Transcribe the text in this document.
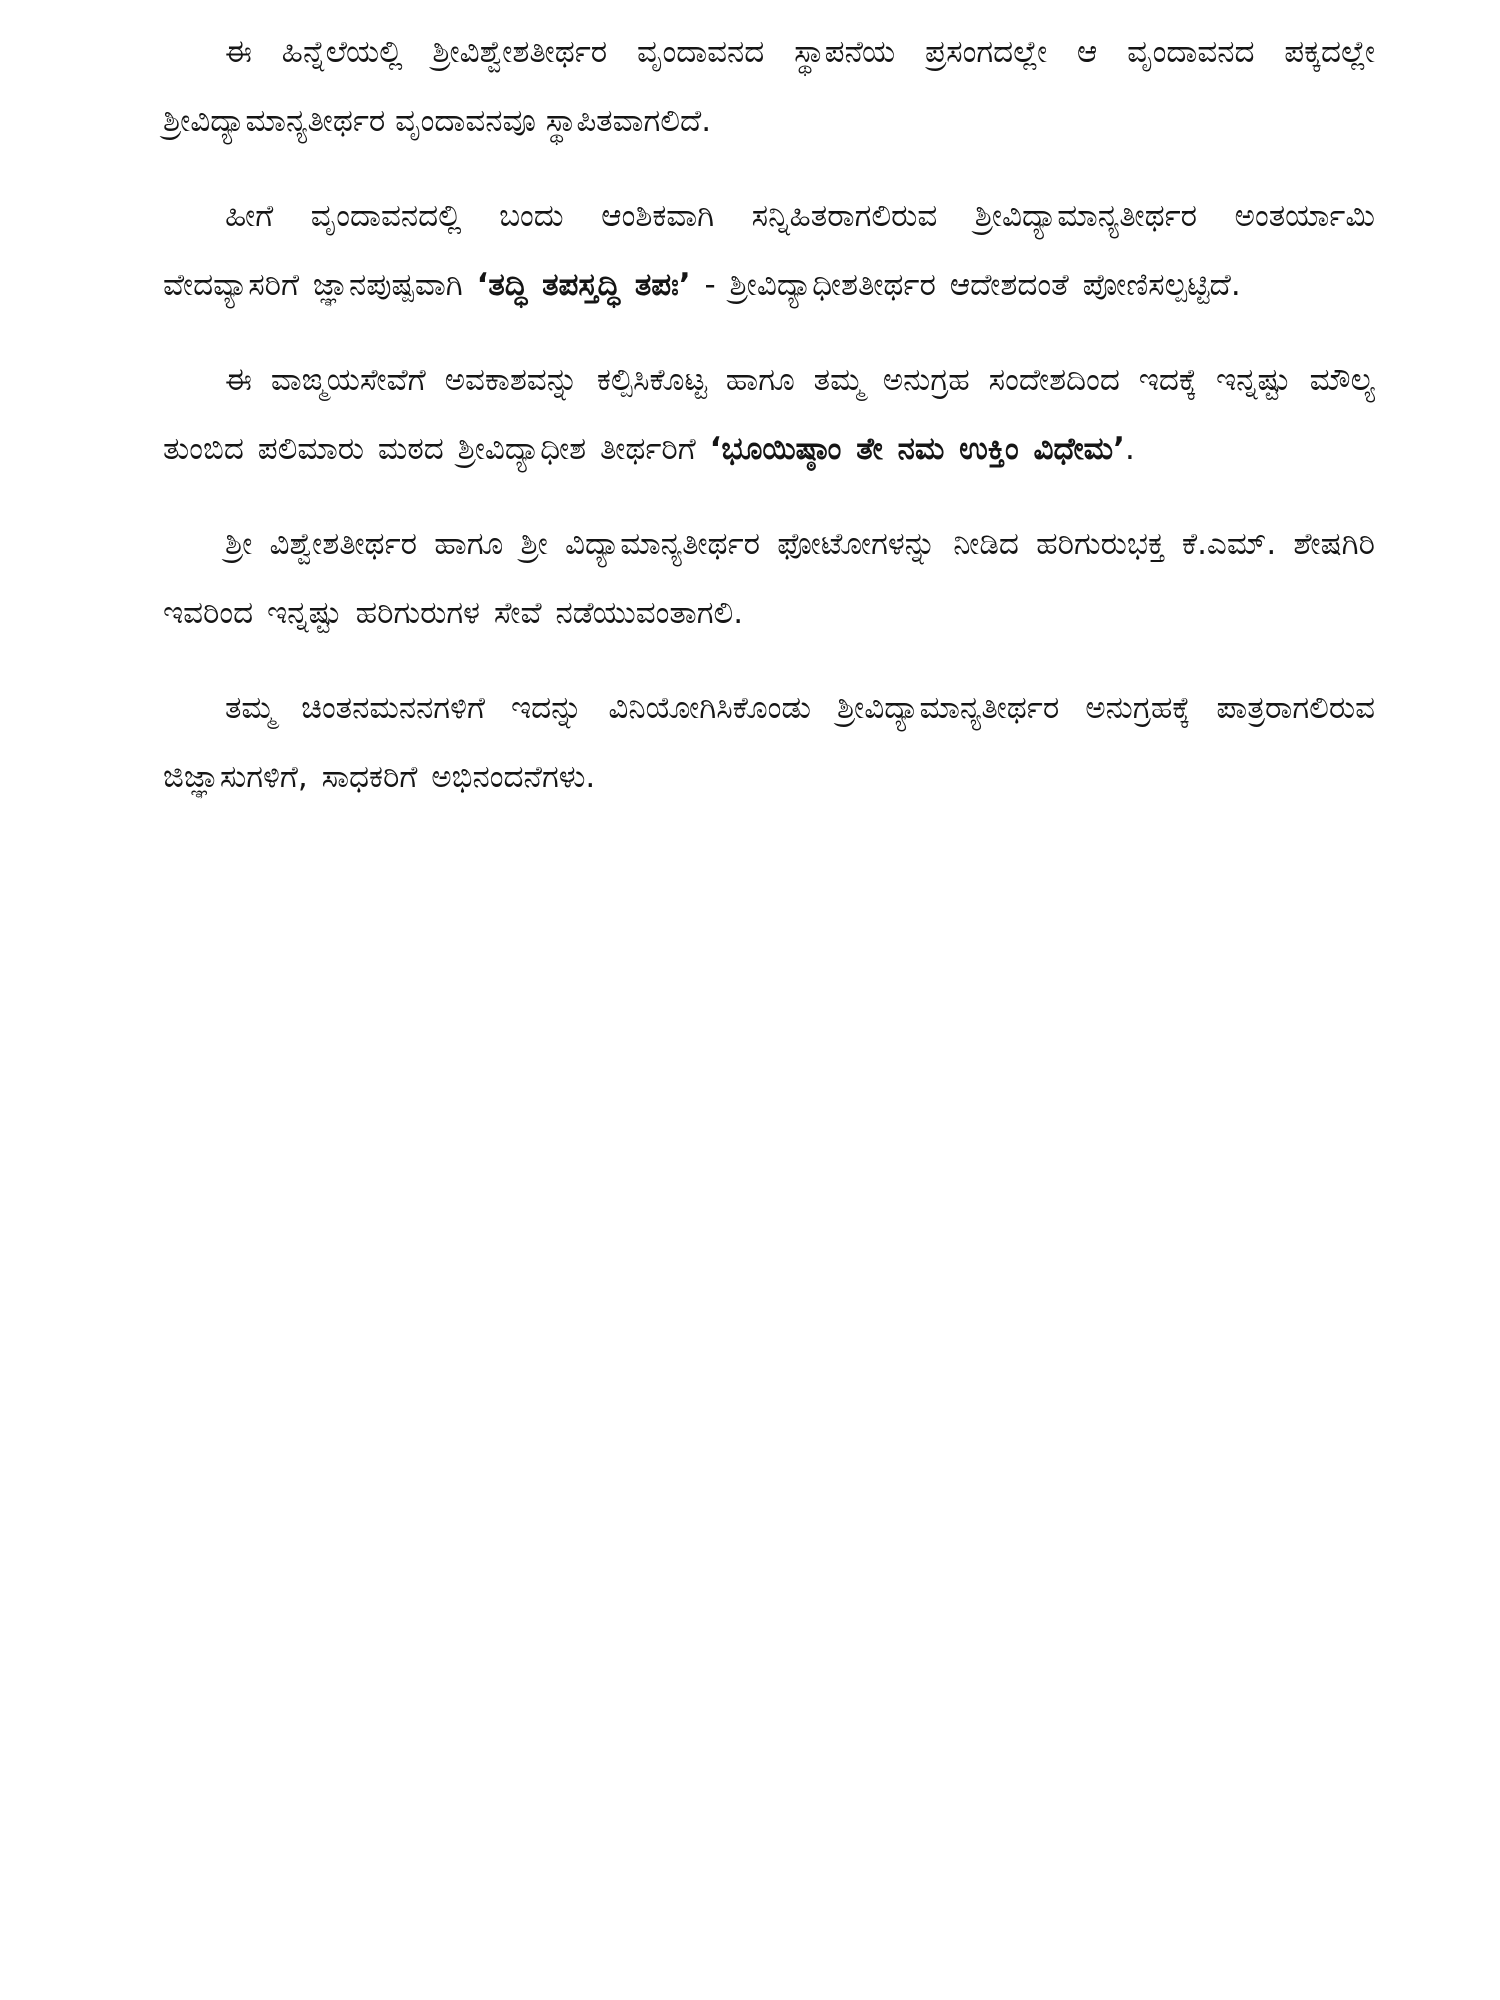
ಈ ಹಿನ್ನೆಲೆಯಲ್ಲಿ ಶ್ರೀವಿಶ್ವೇಶತೀರ್ಥರ ವೃಂದಾವನದ ಸ್ಥಾಪನೆಯ ಪ್ರಸಂಗದಲ್ಲೇ ಆ ವೃಂದಾವನದ ಪಕ್ಕದಲ್ಲೇ ಶ್ರೀವಿದ್ಯಾಮಾನ್ಯತೀರ್ಥರ ವೃಂದಾವನವೂ ಸ್ಥಾಪಿತವಾಗಲಿದೆ.

ಹೀಗೆ ವೃಂದಾವನದಲ್ಲಿ ಬಂದು ಆಂಶಿಕವಾಗಿ ಸನ್ನಿಹಿತರಾಗಲಿರುವ ಶ್ರೀವಿದ್ಯಾಮಾನ್ಯತೀರ್ಥರ ಅಂತರ್ಯಾಮಿ ವೇದವ್ಯಾಸರಿಗೆ ಜ್ಞಾನಪುಷ್ಪವಾಗಿ ‘ತದ್ಧಿ ತಪಸ್ತದ್ಧಿ ತಪಃ’ - ಶ್ರೀವಿದ್ಯಾಧೀಶತೀರ್ಥರ ಆದೇಶದಂತೆ ಪೋಣಿಸಲ್ಪಟ್ಟಿದೆ.

ಈ ವಾಙ್ಮಯಸೇವೆಗೆ ಅವಕಾಶವನ್ನು ಕಲ್ಪಿಸಿಕೊಟ್ಟ ಹಾಗೂ ತಮ್ಮ ಅನುಗ್ರಹ ಸಂದೇಶದಿಂದ ಇದಕ್ಕೆ ಇನ್ನಷ್ಟು ಮೌಲ್ಯ ತುಂಬಿದ ಪಲಿಮಾರು ಮಠದ ಶ್ರೀವಿದ್ಯಾಧೀಶ ತೀರ್ಥರಿಗೆ ‘ಭೂಯಿಷ್ಠಾಂ ತೇ ನಮ ಉಕ್ತಿಂ ವಿಧೇಮ’.

ಶ್ರೀ ವಿಶ್ವೇಶತೀರ್ಥರ ಹಾಗೂ ಶ್ರೀ ವಿದ್ಯಾಮಾನ್ಯತೀರ್ಥರ ಫೋಟೋಗಳನ್ನು ನೀಡಿದ ಹರಿಗುರುಭಕ್ತ ಕೆ.ಎಮ್. ಶೇಷಗಿರಿ ಇವರಿಂದ ಇನ್ನಷ್ಟು ಹರಿಗುರುಗಳ ಸೇವೆ ನಡೆಯುವಂತಾಗಲಿ.

ತಮ್ಮ ಚಿಂತನಮನನಗಳಿಗೆ ಇದನ್ನು ವಿನಿಯೋಗಿಸಿಕೊಂಡು ಶ್ರೀವಿದ್ಯಾಮಾನ್ಯತೀರ್ಥರ ಅನುಗ್ರಹಕ್ಕೆ ಪಾತ್ರರಾಗಲಿರುವ ಜಿಜ್ಞಾಸುಗಳಿಗೆ, ಸಾಧಕರಿಗೆ ಅಭಿನಂದನೆಗಳು.
